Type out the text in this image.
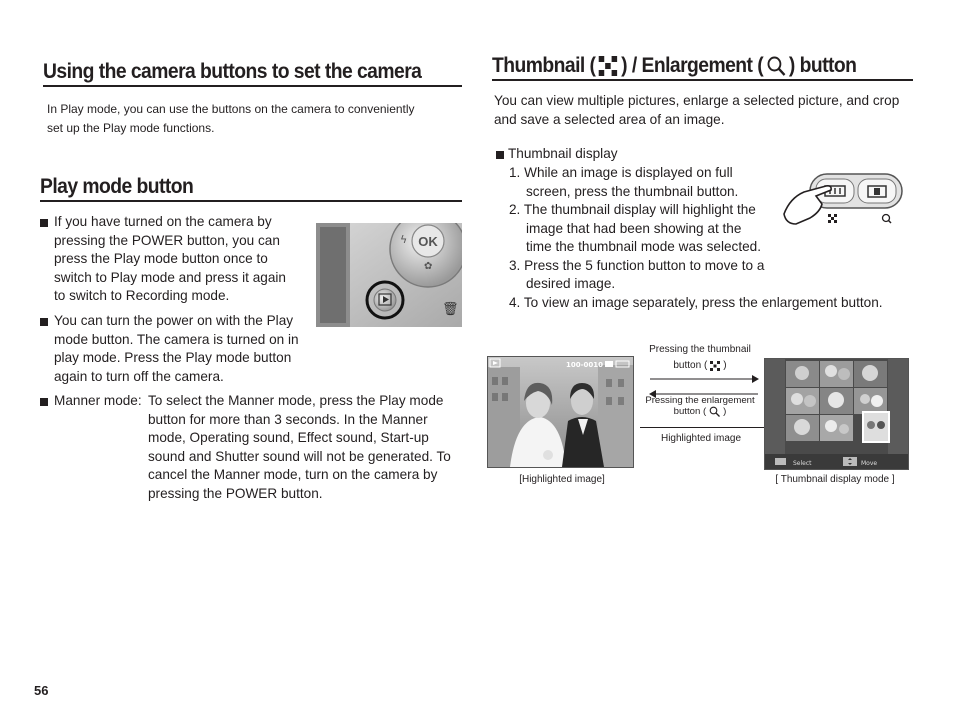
Using the camera buttons to set the camera
In Play mode, you can use the buttons on the camera to conveniently
set up the Play mode functions.
Play mode button
If you have turned on the camera by
pressing the POWER button, you can
press the Play mode button once to
switch to Play mode and press it again
to switch to Recording mode.
OK
ϟ
✿
🗑
You can turn the power on with the Play
mode button. The camera is turned on in
play mode. Press the Play mode button
again to turn off the camera.
Manner mode: To select the Manner mode, press the Play mode
button for more than 3 seconds. In the Manner
mode, Operating sound, Effect sound, Start-up
sound and Shutter sound will not be generated. To
cancel the Manner mode, turn on the camera by
pressing the POWER button.
Thumbnail ( ) / Enlargement ( ) button
You can view multiple pictures, enlarge a selected picture, and crop
and save a selected area of an image.
Thumbnail display
1. While an image is displayed on full
screen, press the thumbnail button.
2. The thumbnail display will highlight the
image that had been showing at the
time the thumbnail mode was selected.
3. Press the 5 function button to move to a
desired image.
4. To view an image separately, press the enlargement button.
100-0010
[Highlighted image]
Pressing the thumbnail
button ( )
Pressing the enlargement
button ( )
Highlighted image
Select	Move
[ Thumbnail display mode ]
56
